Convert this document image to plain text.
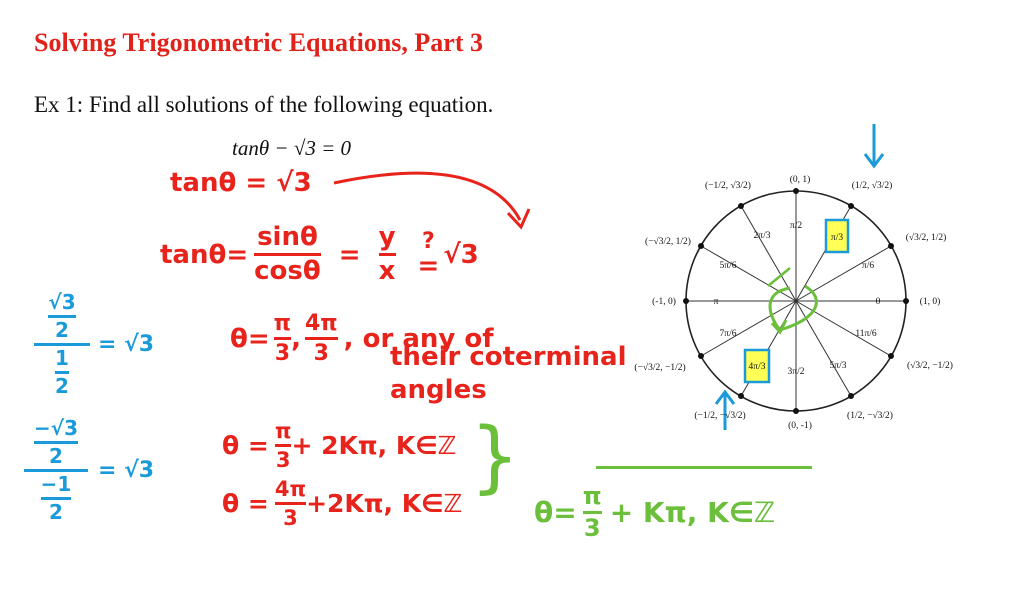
Solving Trigonometric Equations, Part 3
Ex 1: Find all solutions of the following equation.
tanθ − √3 = 0
tanθ = √3
$\tan\theta= \frac{\sin\theta}{\cos\theta} = \frac{y}{x}$ ?
= √3
$\theta= \frac{\pi}{3}$ , $\frac{4\pi}{3}$ , or any of
their coterminal
angles
$\theta = \frac{\pi}{3} + 2K\pi$, K∈ℤ
$\theta = \frac{4\pi}{3} +2K\pi$, K∈ℤ
}
$\frac{\frac{√3}{2}}{\frac{1}{2}} = √3$
$\frac{\frac{-√3}{2}}{\frac{-1}{2}} = √3$
$\theta= \frac{\pi}{3} + K\pi$, K∈ℤ
0
π
π/6
π/3
π/2
2π/3
5π/6
7π/6
4π/3 3π/2
5π/3
11π/6
(0, 1)
(0, -1)
(-1, 0)	(1, 0)
(1/2, √3/2)
(√3/2, 1/2)
(−1/2, √3/2)
(−√3/2, 1/2)
(−√3/2, −1/2)
(−1/2, −√3/2)	(1/2, −√3/2)
(√3/2, −1/2)
